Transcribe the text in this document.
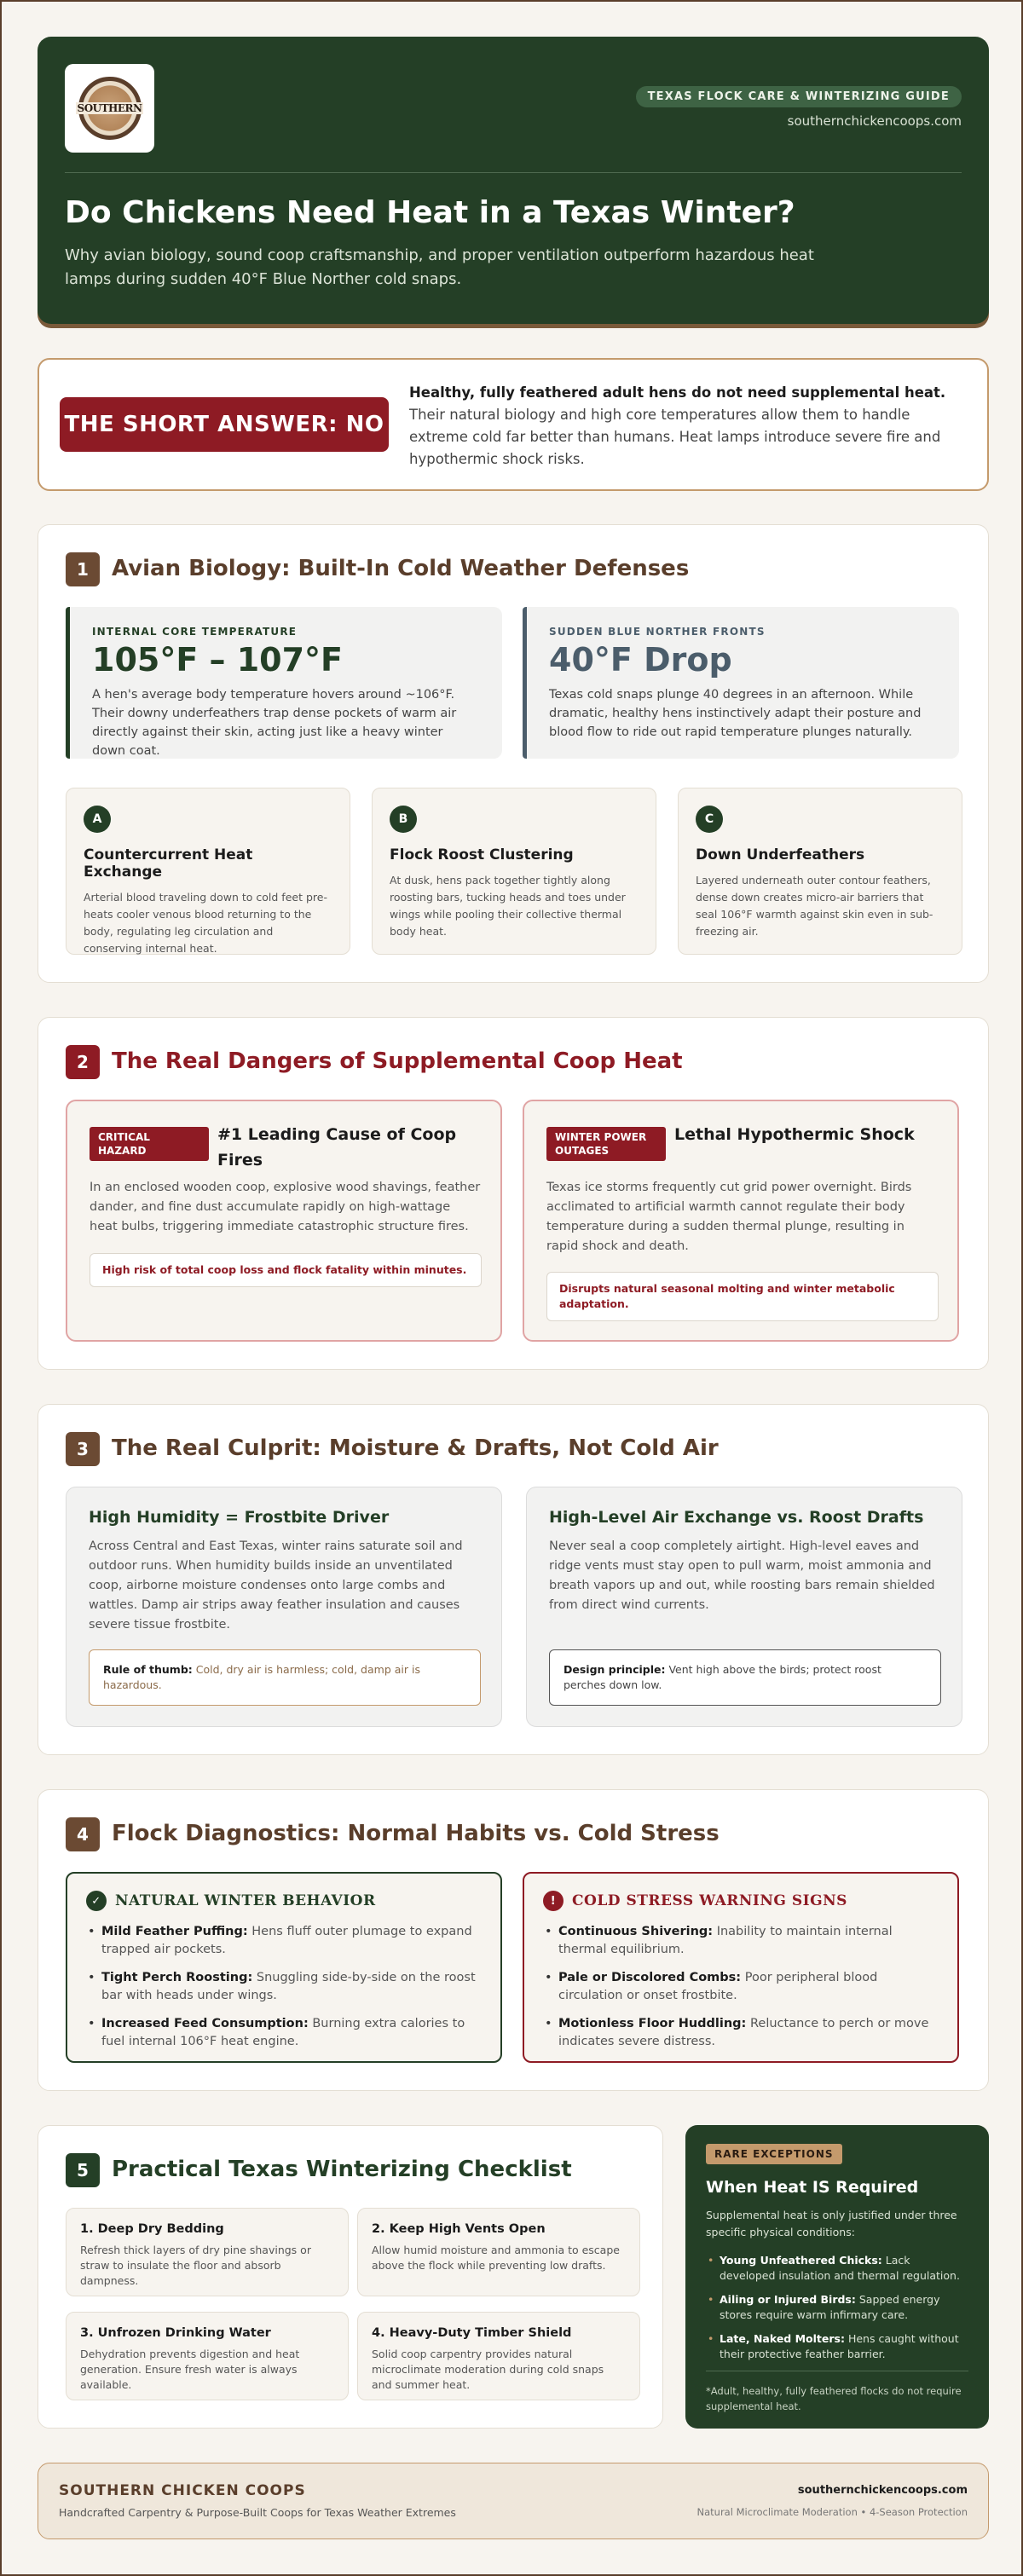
SOUTHERN
TEXAS FLOCK CARE & WINTERIZING GUIDE
southernchickencoops.com
Do Chickens Need Heat in a Texas Winter?

Why avian biology, sound coop craftsmanship, and proper ventilation outperform hazardous heat lamps during sudden 40°F Blue Norther cold snaps.

THE SHORT ANSWER: NO

Healthy, fully feathered adult hens do not need supplemental heat. Their natural biology and high core temperatures allow them to handle extreme cold far better than humans. Heat lamps introduce severe fire and hypothermic shock risks.

1	Avian Biology: Built-In Cold Weather Defenses
INTERNAL CORE TEMPERATURE
105°F – 107°F
A hen's average body temperature hovers around ~106°F. Their downy underfeathers trap dense pockets of warm air directly against their skin, acting just like a heavy winter down coat.
SUDDEN BLUE NORTHER FRONTS
40°F Drop
Texas cold snaps plunge 40 degrees in an afternoon. While dramatic, healthy hens instinctively adapt their posture and blood flow to ride out rapid temperature plunges naturally.
A
Countercurrent Heat Exchange
Arterial blood traveling down to cold feet pre-heats cooler venous blood returning to the body, regulating leg circulation and conserving internal heat.
B
Flock Roost Clustering
At dusk, hens pack together tightly along roosting bars, tucking heads and toes under wings while pooling their collective thermal body heat.
C
Down Underfeathers
Layered underneath outer contour feathers, dense down creates micro-air barriers that seal 106°F warmth against skin even in sub-freezing air.
2	The Real Dangers of Supplemental Coop Heat
CRITICAL HAZARD
#1 Leading Cause of Coop Fires
In an enclosed wooden coop, explosive wood shavings, feather dander, and fine dust accumulate rapidly on high-wattage heat bulbs, triggering immediate catastrophic structure fires.
High risk of total coop loss and flock fatality within minutes.
WINTER POWER OUTAGES
Lethal Hypothermic Shock
Texas ice storms frequently cut grid power overnight. Birds acclimated to artificial warmth cannot regulate their body temperature during a sudden thermal plunge, resulting in rapid shock and death.
Disrupts natural seasonal molting and winter metabolic adaptation.
3	The Real Culprit: Moisture & Drafts, Not Cold Air
High Humidity = Frostbite Driver
Across Central and East Texas, winter rains saturate soil and outdoor runs. When humidity builds inside an unventilated coop, airborne moisture condenses onto large combs and wattles. Damp air strips away feather insulation and causes severe tissue frostbite.
Rule of thumb: Cold, dry air is harmless; cold, damp air is hazardous.
High-Level Air Exchange vs. Roost Drafts
Never seal a coop completely airtight. High-level eaves and ridge vents must stay open to pull warm, moist ammonia and breath vapors up and out, while roosting bars remain shielded from direct wind currents.
Design principle: Vent high above the birds; protect roost perches down low.
4	Flock Diagnostics: Normal Habits vs. Cold Stress
✓ NATURAL WINTER BEHAVIOR
• Mild Feather Puffing: Hens fluff outer plumage to expand trapped air pockets.
• Tight Perch Roosting: Snuggling side-by-side on the roost bar with heads under wings.
• Increased Feed Consumption: Burning extra calories to fuel internal 106°F heat engine.
!	COLD STRESS WARNING SIGNS
• Continuous Shivering: Inability to maintain internal thermal equilibrium.
• Pale or Discolored Combs: Poor peripheral blood circulation or onset frostbite.
• Motionless Floor Huddling: Reluctance to perch or move indicates severe distress.
5	Practical Texas Winterizing Checklist
1. Deep Dry Bedding
Refresh thick layers of dry pine shavings or straw to insulate the floor and absorb dampness.
2. Keep High Vents Open
Allow humid moisture and ammonia to escape above the flock while preventing low drafts.
3. Unfrozen Drinking Water
Dehydration prevents digestion and heat generation. Ensure fresh water is always available.
4. Heavy-Duty Timber Shield
Solid coop carpentry provides natural microclimate moderation during cold snaps and summer heat.
RARE EXCEPTIONS
When Heat IS Required
Supplemental heat is only justified under three specific physical conditions:
• Young Unfeathered Chicks: Lack developed insulation and thermal regulation.
• Ailing or Injured Birds: Sapped energy stores require warm infirmary care.
• Late, Naked Molters: Hens caught without their protective feather barrier.
*Adult, healthy, fully feathered flocks do not require supplemental heat.
SOUTHERN CHICKEN COOPS
Handcrafted Carpentry & Purpose-Built Coops for Texas Weather Extremes
southernchickencoops.com
Natural Microclimate Moderation • 4-Season Protection
